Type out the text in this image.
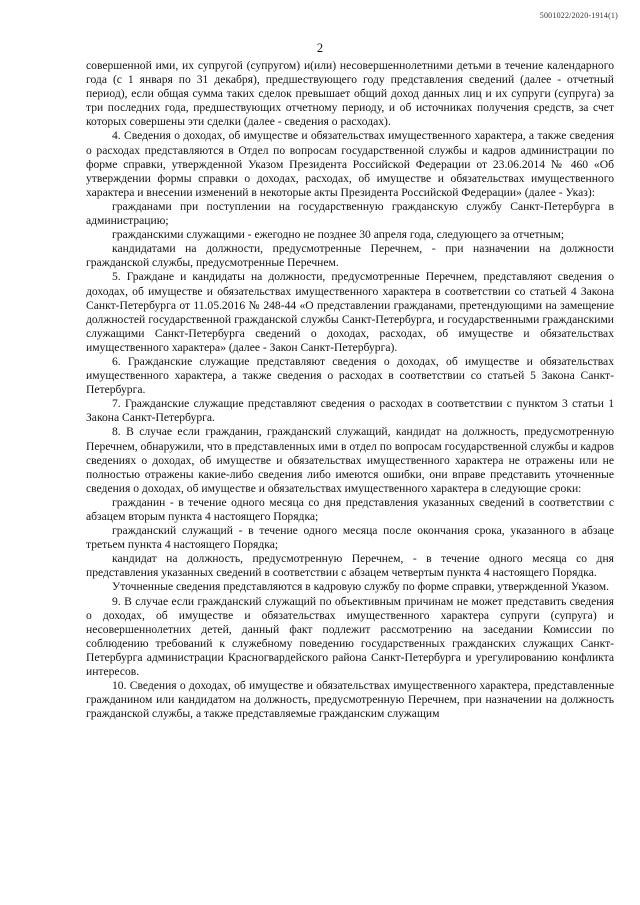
5001022/2020-1914(1)
2

совершенной ими, их супругой (супругом) и(или) несовершеннолетними детьми в течение календарного года (с 1 января по 31 декабря), предшествующего году представления сведений (далее - отчетный период), если общая сумма таких сделок превышает общий доход данных лиц и их супруги (супруга) за три последних года, предшествующих отчетному периоду, и об источниках получения средств, за счет которых совершены эти сделки (далее - сведения о расходах).

4. Сведения о доходах, об имуществе и обязательствах имущественного характера, а также сведения о расходах представляются в Отдел по вопросам государственной службы и кадров администрации по форме справки, утвержденной Указом Президента Российской Федерации от 23.06.2014 № 460 «Об утверждении формы справки о доходах, расходах, об имуществе и обязательствах имущественного характера и внесении изменений в некоторые акты Президента Российской Федерации» (далее - Указ):

гражданами при поступлении на государственную гражданскую службу Санкт-Петербурга в администрацию;

гражданскими служащими - ежегодно не позднее 30 апреля года, следующего за отчетным;

кандидатами на должности, предусмотренные Перечнем, - при назначении на должности гражданской службы, предусмотренные Перечнем.

5. Граждане и кандидаты на должности, предусмотренные Перечнем, представляют сведения о доходах, об имуществе и обязательствах имущественного характера в соответствии со статьей 4 Закона Санкт-Петербурга от 11.05.2016 № 248-44 «О представлении гражданами, претендующими на замещение должностей государственной гражданской службы Санкт-Петербурга, и государственными гражданскими служащими Санкт-Петербурга сведений о доходах, расходах, об имуществе и обязательствах имущественного характера» (далее - Закон Санкт-Петербурга).

6. Гражданские служащие представляют сведения о доходах, об имуществе и обязательствах имущественного характера, а также сведения о расходах в соответствии со статьей 5 Закона Санкт-Петербурга.

7. Гражданские служащие представляют сведения о расходах в соответствии с пунктом 3 статьи 1 Закона Санкт-Петербурга.

8. В случае если гражданин, гражданский служащий, кандидат на должность, предусмотренную Перечнем, обнаружили, что в представленных ими в отдел по вопросам государственной службы и кадров сведениях о доходах, об имуществе и обязательствах имущественного характера не отражены или не полностью отражены какие-либо сведения либо имеются ошибки, они вправе представить уточненные сведения о доходах, об имуществе и обязательствах имущественного характера в следующие сроки:

гражданин - в течение одного месяца со дня представления указанных сведений в соответствии с абзацем вторым пункта 4 настоящего Порядка;

гражданский служащий - в течение одного месяца после окончания срока, указанного в абзаце третьем пункта 4 настоящего Порядка;

кандидат на должность, предусмотренную Перечнем, - в течение одного месяца со дня представления указанных сведений в соответствии с абзацем четвертым пункта 4 настоящего Порядка.

Уточненные сведения представляются в кадровую службу по форме справки, утвержденной Указом.

9. В случае если гражданский служащий по объективным причинам не может представить сведения о доходах, об имуществе и обязательствах имущественного характера супруги (супруга) и несовершеннолетних детей, данный факт подлежит рассмотрению на заседании Комиссии по соблюдению требований к служебному поведению государственных гражданских служащих Санкт-Петербурга администрации Красногвардейского района Санкт-Петербурга и урегулированию конфликта интересов.

10. Сведения о доходах, об имуществе и обязательствах имущественного характера, представленные гражданином или кандидатом на должность, предусмотренную Перечнем, при назначении на должность гражданской службы, а также представляемые гражданским служащим
